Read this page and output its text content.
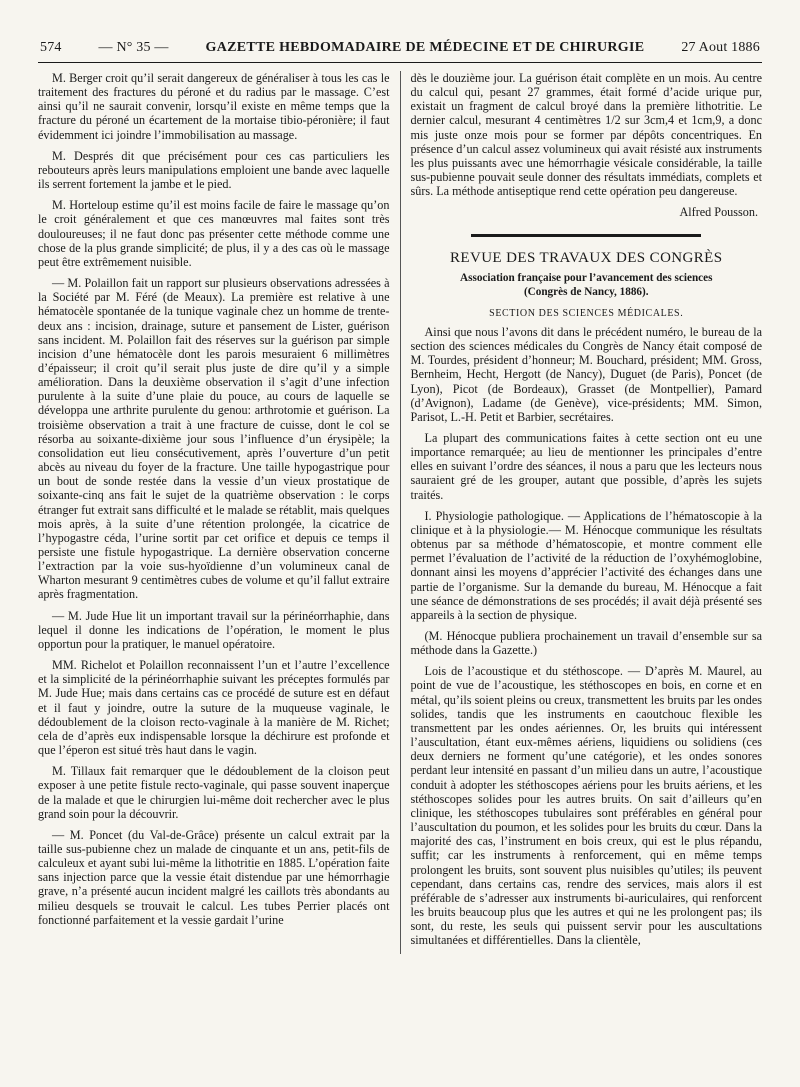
574	— N° 35 —	GAZETTE HEBDOMADAIRE DE MÉDECINE ET DE CHIRURGIE	27 Aout 1886

M. Berger croit qu’il serait dangereux de généraliser à tous les cas le traitement des fractures du péroné et du radius par le massage. C’est ainsi qu’il ne saurait convenir, lorsqu’il existe en même temps que la fracture du péroné un écartement de la mortaise tibio-péronière; il faut évidemment ici joindre l’immobilisation au massage.

M. Després dit que précisément pour ces cas particuliers les rebouteurs après leurs manipulations emploient une bande avec laquelle ils serrent fortement la jambe et le pied.

M. Horteloup estime qu’il est moins facile de faire le massage qu’on le croit généralement et que ces manœuvres mal faites sont très douloureuses; il ne faut donc pas présenter cette méthode comme une chose de la plus grande simplicité; de plus, il y a des cas où le massage peut être extrêmement nuisible.

— M. Polaillon fait un rapport sur plusieurs observations adressées à la Société par M. Féré (de Meaux). La première est relative à une hématocèle spontanée de la tunique vaginale chez un homme de trente-deux ans : incision, drainage, suture et pansement de Lister, guérison sans incident. M. Polaillon fait des réserves sur la guérison par simple incision d’une hématocèle dont les parois mesuraient 6 millimètres d’épaisseur; il croit qu’il serait plus juste de dire qu’il y a simple amélioration. Dans la deuxième observation il s’agit d’une infection purulente à la suite d’une plaie du pouce, au cours de laquelle se développa une arthrite purulente du genou: arthrotomie et guérison. La troisième observation a trait à une fracture de cuisse, dont le col se résorba au soixante-dixième jour sous l’influence d’un érysipèle; la consolidation eut lieu consécutivement, après l’ouverture d’un petit abcès au niveau du foyer de la fracture. Une taille hypogastrique pour un bout de sonde restée dans la vessie d’un vieux prostatique de soixante-cinq ans fait le sujet de la quatrième observation : le corps étranger fut extrait sans difficulté et le malade se rétablit, mais quelques mois après, à la suite d’une rétention prolongée, la cicatrice de l’hypogastre céda, l’urine sortit par cet orifice et depuis ce temps il persiste une fistule hypogastrique. La dernière observation concerne l’extraction par la voie sus-hyoïdienne d’un volumineux canal de Wharton mesurant 9 centimètres cubes de volume et qu’il fallut extraire après fragmentation.

— M. Jude Hue lit un important travail sur la périnéorrhaphie, dans lequel il donne les indications de l’opération, le moment le plus opportun pour la pratiquer, le manuel opératoire.

MM. Richelot et Polaillon reconnaissent l’un et l’autre l’excellence et la simplicité de la périnéorrhaphie suivant les préceptes formulés par M. Jude Hue; mais dans certains cas ce procédé de suture est en défaut et il faut y joindre, outre la suture de la muqueuse vaginale, le dédoublement de la cloison recto-vaginale à la manière de M. Richet; cela de d’après eux indispensable lorsque la déchirure est profonde et que l’éperon est situé très haut dans le vagin.

M. Tillaux fait remarquer que le dédoublement de la cloison peut exposer à une petite fistule recto-vaginale, qui passe souvent inaperçue de la malade et que le chirurgien lui-même doit rechercher avec le plus grand soin pour la découvrir.

— M. Poncet (du Val-de-Grâce) présente un calcul extrait par la taille sus-pubienne chez un malade de cinquante et un ans, petit-fils de calculeux et ayant subi lui-même la lithotritie en 1885. L’opération faite sans injection parce que la vessie était distendue par une hémorrhagie grave, n’a présenté aucun incident malgré les caillots très abondants au milieu desquels se trouvait le calcul. Les tubes Perrier placés ont fonctionné parfaitement et la vessie gardait l’urine

dès le douzième jour. La guérison était complète en un mois. Au centre du calcul qui, pesant 27 grammes, était formé d’acide urique pur, existait un fragment de calcul broyé dans la première lithotritie. Le dernier calcul, mesurant 4 centimètres 1/2 sur 3cm,4 et 1cm,9, a donc mis juste onze mois pour se former par dépôts concentriques. En présence d’un calcul assez volumineux qui avait résisté aux instruments les plus puissants avec une hémorrhagie vésicale considérable, la taille sus-pubienne pouvait seule donner des résultats immédiats, complets et sûrs. La méthode antiseptique rend cette opération peu dangereuse.

Alfred Pousson.
REVUE DES TRAVAUX DES CONGRÈS
Association française pour l’avancement des sciences
(Congrès de Nancy, 1886).
SECTION DES SCIENCES MÉDICALES.

Ainsi que nous l’avons dit dans le précédent numéro, le bureau de la section des sciences médicales du Congrès de Nancy était composé de M. Tourdes, président d’honneur; M. Bouchard, président; MM. Gross, Bernheim, Hecht, Hergott (de Nancy), Duguet (de Paris), Poncet (de Lyon), Picot (de Bordeaux), Grasset (de Montpellier), Pamard (d’Avignon), Ladame (de Genève), vice-présidents; MM. Simon, Parisot, L.-H. Petit et Barbier, secrétaires.

La plupart des communications faites à cette section ont eu une importance remarquée; au lieu de mentionner les principales d’entre elles en suivant l’ordre des séances, il nous a paru que les lecteurs nous sauraient gré de les grouper, autant que possible, d’après les sujets traités.

I. Physiologie pathologique. — Applications de l’hématoscopie à la clinique et à la physiologie.— M. Hénocque communique les résultats obtenus par sa méthode d’hématoscopie, et montre comment elle permet l’évaluation de l’activité de la réduction de l’oxyhémoglobine, donnant ainsi les moyens d’apprécier l’activité des échanges dans une partie de l’organisme. Sur la demande du bureau, M. Hénocque a fait une séance de démonstrations de ses procédés; il avait déjà présenté ses appareils à la section de physique.

(M. Hénocque publiera prochainement un travail d’ensemble sur sa méthode dans la Gazette.)

Lois de l’acoustique et du stéthoscope. — D’après M. Maurel, au point de vue de l’acoustique, les stéthoscopes en bois, en corne et en métal, qu’ils soient pleins ou creux, transmettent les bruits par les ondes solides, tandis que les instruments en caoutchouc flexible les transmettent par les ondes aériennes. Or, les bruits qui intéressent l’auscultation, étant eux-mêmes aériens, liquidiens ou solidiens (ces deux derniers ne forment qu’une catégorie), et les ondes sonores perdant leur intensité en passant d’un milieu dans un autre, l’acoustique conduit à adopter les stéthoscopes aériens pour les bruits aériens, et les stéthoscopes solides pour les autres bruits. On sait d’ailleurs qu’en clinique, les stéthoscopes tubulaires sont préférables en général pour l’auscultation du poumon, et les solides pour les bruits du cœur. Dans la majorité des cas, l’instrument en bois creux, qui est le plus répandu, suffit; car les instruments à renforcement, qui en même temps prolongent les bruits, sont souvent plus nuisibles qu’utiles; ils peuvent cependant, dans certains cas, rendre des services, mais alors il est préférable de s’adresser aux instruments bi-auriculaires, qui renforcent les bruits beaucoup plus que les autres et qui ne les prolongent pas; ils sont, du reste, les seuls qui puissent servir pour les auscultations simultanées et différentielles. Dans la clientèle,
